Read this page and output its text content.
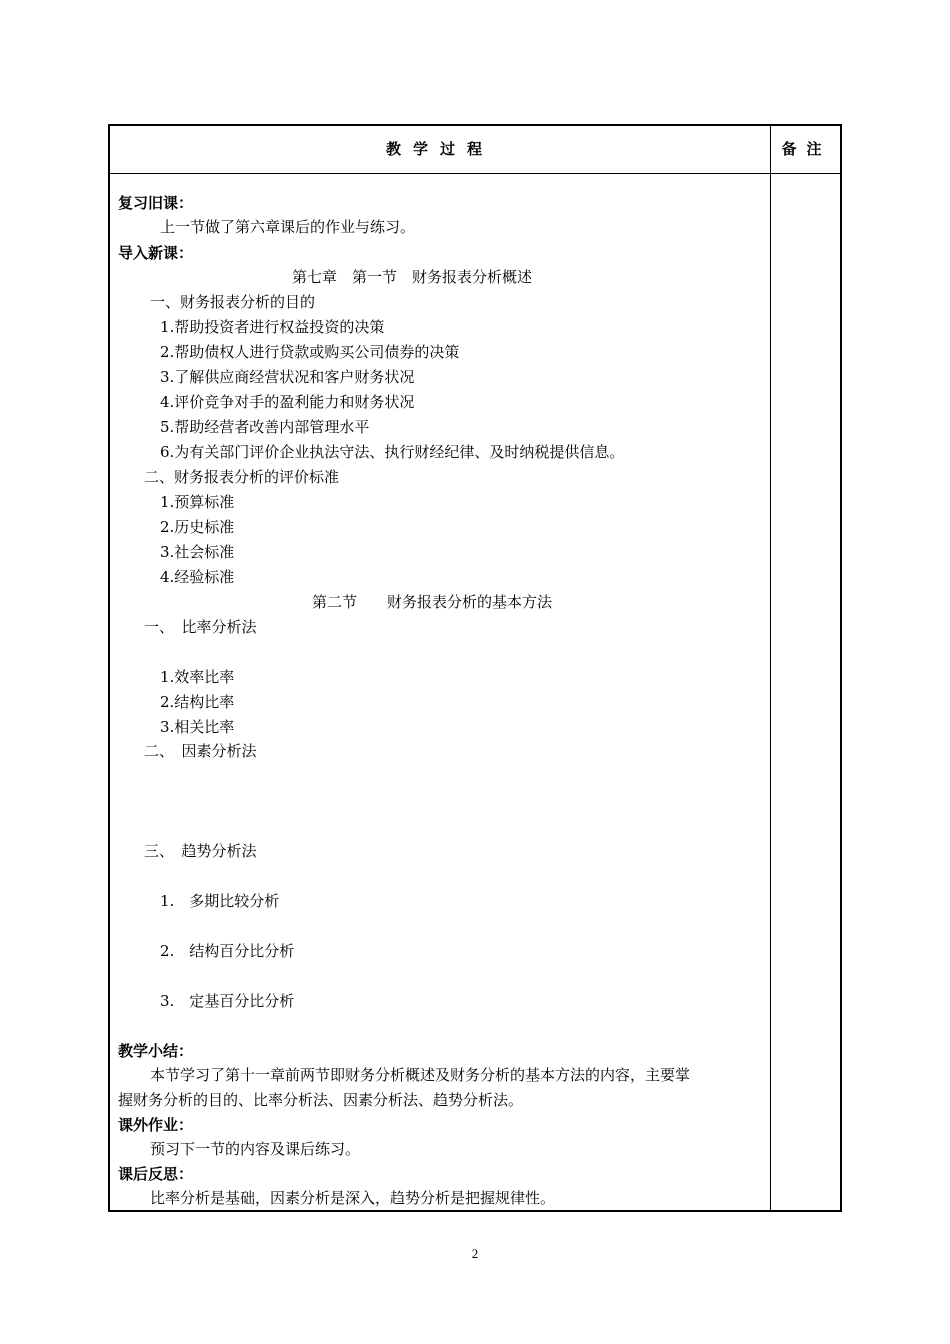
教学过程	备注
复习旧课：
上一节做了第六章课后的作业与练习。
导入新课：
第七章　第一节　财务报表分析概述
一、财务报表分析的目的
1.帮助投资者进行权益投资的决策
2.帮助债权人进行贷款或购买公司债券的决策
3.了解供应商经营状况和客户财务状况
4.评价竞争对手的盈利能力和财务状况
5.帮助经营者改善内部管理水平
6.为有关部门评价企业执法守法、执行财经纪律、及时纳税提供信息。
二、财务报表分析的评价标准
1.预算标准
2.历史标准
3.社会标准
4.经验标准
第二节　　财务报表分析的基本方法
一、　比率分析法
1.效率比率
2.结构比率
3.相关比率
二、　因素分析法
三、　趋势分析法
1.　多期比较分析
2.　结构百分比分析
3.　定基百分比分析
教学小结：
本节学习了第十一章前两节即财务分析概述及财务分析的基本方法的内容，主要掌
握财务分析的目的、比率分析法、因素分析法、趋势分析法。
课外作业：
预习下一节的内容及课后练习。
课后反思：
比率分析是基础，因素分析是深入，趋势分析是把握规律性。
2
